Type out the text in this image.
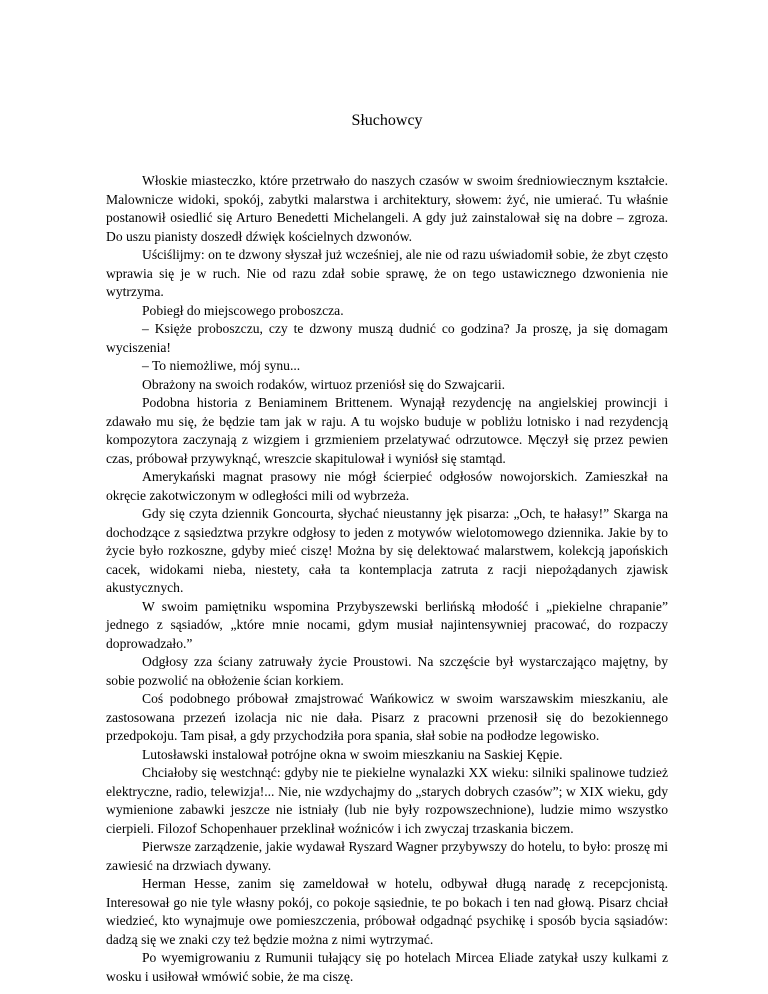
Słuchowcy

Włoskie miasteczko, które przetrwało do naszych czasów w swoim średniowiecznym kształcie. Malownicze widoki, spokój, zabytki malarstwa i architektury, słowem: żyć, nie umierać. Tu właśnie postanowił osiedlić się Arturo Benedetti Michelangeli. A gdy już zainstalował się na dobre – zgroza. Do uszu pianisty doszedł dźwięk kościelnych dzwonów.

Uściślijmy: on te dzwony słyszał już wcześniej, ale nie od razu uświadomił sobie, że zbyt często wprawia się je w ruch. Nie od razu zdał sobie sprawę, że on tego ustawicznego dzwonienia nie wytrzyma.

Pobiegł do miejscowego proboszcza.

– Księże proboszczu, czy te dzwony muszą dudnić co godzina? Ja proszę, ja się domagam wyciszenia!

– To niemożliwe, mój synu...

Obrażony na swoich rodaków, wirtuoz przeniósł się do Szwajcarii.

Podobna historia z Beniaminem Brittenem. Wynajął rezydencję na angielskiej prowincji i zdawało mu się, że będzie tam jak w raju. A tu wojsko buduje w pobliżu lotnisko i nad rezydencją kompozytora zaczynają z wizgiem i grzmieniem przelatywać odrzutowce. Męczył się przez pewien czas, próbował przywyknąć, wreszcie skapitulował i wyniósł się stamtąd.

Amerykański magnat prasowy nie mógł ścierpieć odgłosów nowojorskich. Zamieszkał na okręcie zakotwiczonym w odległości mili od wybrzeża.

Gdy się czyta dziennik Goncourta, słychać nieustanny jęk pisarza: „Och, te hałasy!” Skarga na dochodzące z sąsiedztwa przykre odgłosy to jeden z motywów wielotomowego dziennika. Jakie by to życie było rozkoszne, gdyby mieć ciszę! Można by się delektować malarstwem, kolekcją japońskich cacek, widokami nieba, niestety, cała ta kontemplacja zatruta z racji niepożądanych zjawisk akustycznych.

W swoim pamiętniku wspomina Przybyszewski berlińską młodość i „piekielne chrapanie” jednego z sąsiadów, „które mnie nocami, gdym musiał najintensywniej pracować, do rozpaczy doprowadzało.”

Odgłosy zza ściany zatruwały życie Proustowi. Na szczęście był wystarczająco majętny, by sobie pozwolić na obłożenie ścian korkiem.

Coś podobnego próbował zmajstrować Wańkowicz w swoim warszawskim mieszkaniu, ale zastosowana przezeń izolacja nic nie dała. Pisarz z pracowni przenosił się do bezokiennego przedpokoju. Tam pisał, a gdy przychodziła pora spania, słał sobie na podłodze legowisko.

Lutosławski instalował potrójne okna w swoim mieszkaniu na Saskiej Kępie.

Chciałoby się westchnąć: gdyby nie te piekielne wynalazki XX wieku: silniki spalinowe tudzież elektryczne, radio, telewizja!... Nie, nie wzdychajmy do „starych dobrych czasów”; w XIX wieku, gdy wymienione zabawki jeszcze nie istniały (lub nie były rozpowszechnione), ludzie mimo wszystko cierpieli. Filozof Schopenhauer przeklinał woźniców i ich zwyczaj trzaskania biczem.

Pierwsze zarządzenie, jakie wydawał Ryszard Wagner przybywszy do hotelu, to było: proszę mi zawiesić na drzwiach dywany.

Herman Hesse, zanim się zameldował w hotelu, odbywał długą naradę z recepcjonistą. Interesował go nie tyle własny pokój, co pokoje sąsiednie, te po bokach i ten nad głową. Pisarz chciał wiedzieć, kto wynajmuje owe pomieszczenia, próbował odgadnąć psychikę i sposób bycia sąsiadów: dadzą się we znaki czy też będzie można z nimi wytrzymać.

Po wyemigrowaniu z Rumunii tułający się po hotelach Mircea Eliade zatykał uszy kulkami z wosku i usiłował wmówić sobie, że ma ciszę.
